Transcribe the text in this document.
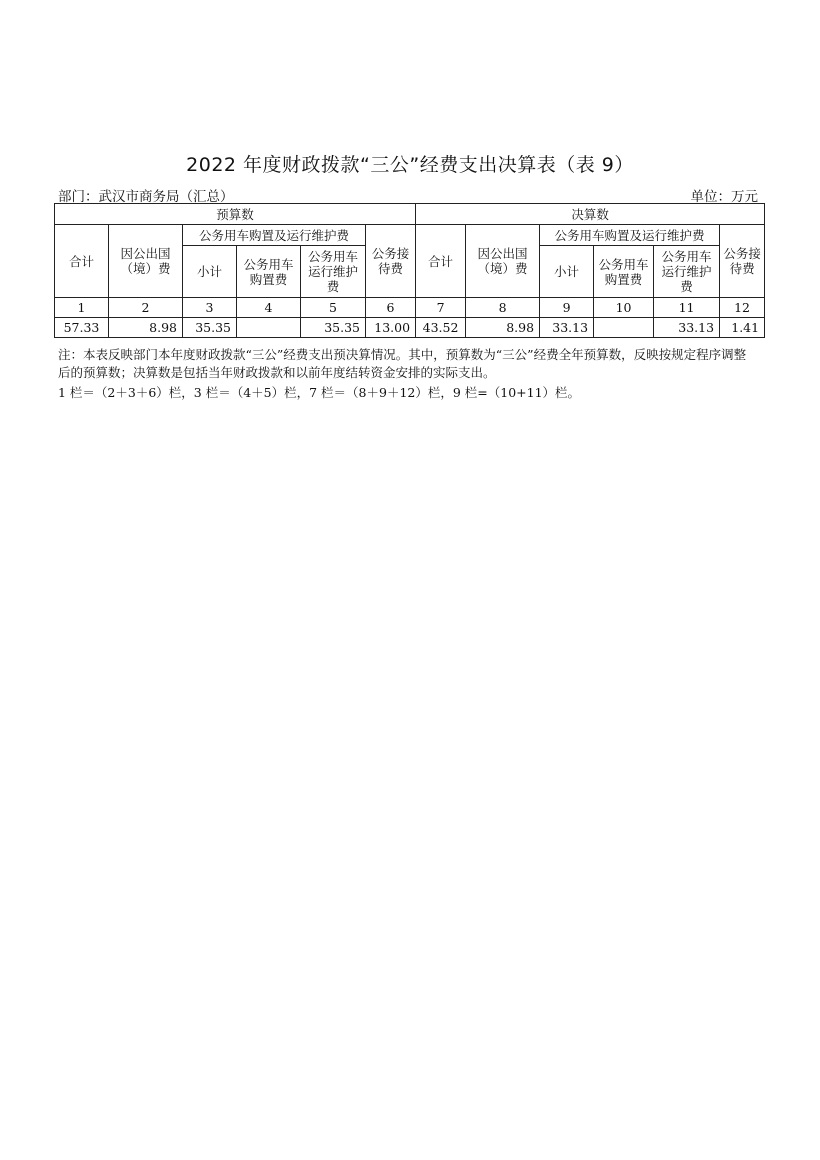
2022 年度财政拨款“三公”经费支出决算表（表 9）
部门：武汉市商务局（汇总）	单位：万元
预算数						决算数					
合计	因公出国（境）费	公务用车购置及运行维护费			公务接待费	合计	因公出国（境）费	公务用车购置及运行维护费			公务接待费
		小计	公务用车购置费	公务用车运行维护费				小计	公务用车购置费	公务用车运行维护费	
1	2	3	4	5	6	7	8	9	10	11	12
57.33	8.98	35.35		35.35	13.00	43.52	8.98	33.13		33.13	1.41
注：本表反映部门本年度财政拨款“三公”经费支出预决算情况。其中，预算数为“三公”经费全年预算数，反映按规定程序调整后的预算数；决算数是包括当年财政拨款和以前年度结转资金安排的实际支出。
1 栏＝（2＋3＋6）栏，3 栏＝（4＋5）栏，7 栏＝（8＋9＋12）栏，9 栏=（10+11）栏。
